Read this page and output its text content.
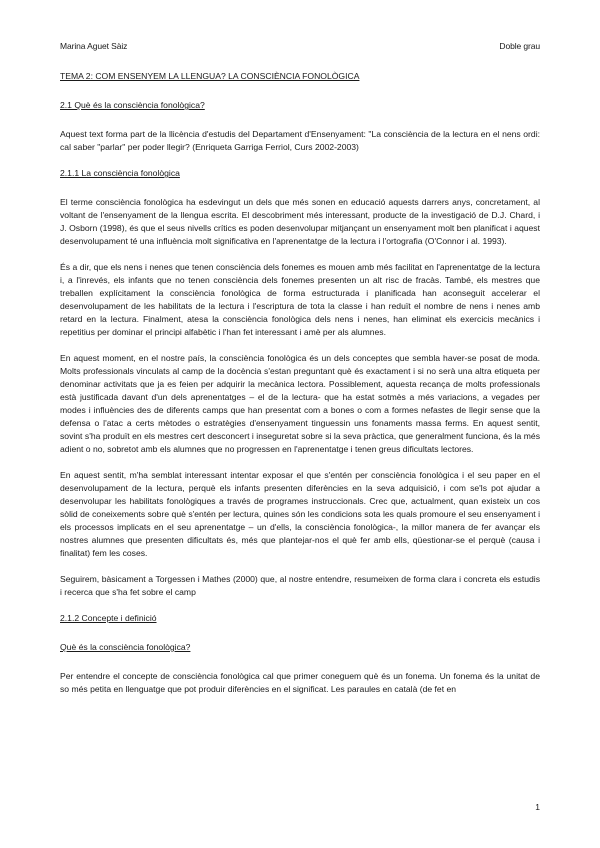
Marina Aguet Sàiz	Doble grau
TEMA 2: COM ENSENYEM LA LLENGUA? LA CONSCIÈNCIA FONOLÒGICA
2.1 Què és la consciència fonològica?

Aquest text forma part de la llicència d'estudis del Departament d'Ensenyament: "La consciència de la lectura en el nens ordi: cal saber "parlar" per poder llegir? (Enriqueta Garriga Ferriol, Curs 2002-2003)

2.1.1 La consciència fonològica

El terme consciència fonològica ha esdevingut un dels que més sonen en educació aquests darrers anys, concretament, al voltant de l'ensenyament de la llengua escrita. El descobriment més interessant, producte de la investigació de D.J. Chard, i J. Osborn (1998), és que el seus nivells crítics es poden desenvolupar mitjançant un ensenyament molt ben planificat i aquest desenvolupament té una influència molt significativa en l'aprenentatge de la lectura i l'ortografia (O'Connor i al. 1993).

És a dir, que els nens i nenes que tenen consciència dels fonemes es mouen amb més facilitat en l'aprenentatge de la lectura i, a l'inrevés, els infants que no tenen consciència dels fonemes presenten un alt risc de fracàs. També, els mestres que treballen explícitament la consciència fonològica de forma estructurada i planificada han aconseguit accelerar el desenvolupament de les habilitats de la lectura i l'escriptura de tota la classe i han reduït el nombre de nens i nenes amb retard en la lectura. Finalment, atesa la consciència fonològica dels nens i nenes, han eliminat els exercicis mecànics i repetitius per dominar el principi alfabètic i l'han fet interessant i amè per als alumnes.

En aquest moment, en el nostre país, la consciència fonològica és un dels conceptes que sembla haver-se posat de moda. Molts professionals vinculats al camp de la docència s'estan preguntant què és exactament i si no serà una altra etiqueta per denominar activitats que ja es feien per adquirir la mecànica lectora. Possiblement, aquesta recança de molts professionals està justificada davant d'un dels aprenentatges – el de la lectura- que ha estat sotmès a més variacions, a vegades per modes i influències des de diferents camps que han presentat com a bones o com a formes nefastes de llegir sense que la defensa o l'atac a certs mètodes o estratègies d'ensenyament tinguessin uns fonaments massa ferms. En aquest sentit, sovint s'ha produït en els mestres cert desconcert i inseguretat sobre si la seva pràctica, que generalment funciona, és la més adient o no, sobretot amb els alumnes que no progressen en l'aprenentatge i tenen greus dificultats lectores.

En aquest sentit, m'ha semblat interessant intentar exposar el que s'entén per consciència fonològica i el seu paper en el desenvolupament de la lectura, perquè els infants presenten diferències en la seva adquisició, i com se'ls pot ajudar a desenvolupar les habilitats fonològiques a través de programes instruccionals. Crec que, actualment, quan existeix un cos sòlid de coneixements sobre què s'entén per lectura, quines són les condicions sota les quals promoure el seu ensenyament i els processos implicats en el seu aprenentatge – un d'ells, la consciència fonològica-, la millor manera de fer avançar els nostres alumnes que presenten dificultats és, més que plantejar-nos el què fer amb ells, qüestionar-se el perquè (causa i finalitat) fem les coses.

Seguirem, bàsicament a Torgessen i Mathes (2000) que, al nostre entendre, resumeixen de forma clara i concreta els estudis i recerca que s'ha fet sobre el camp

2.1.2 Concepte i definició
Què és la consciència fonològica?

Per entendre el concepte de consciència fonològica cal que primer coneguem què és un fonema. Un fonema és la unitat de so més petita en llenguatge que pot produir diferències en el significat. Les paraules en català (de fet en

1
